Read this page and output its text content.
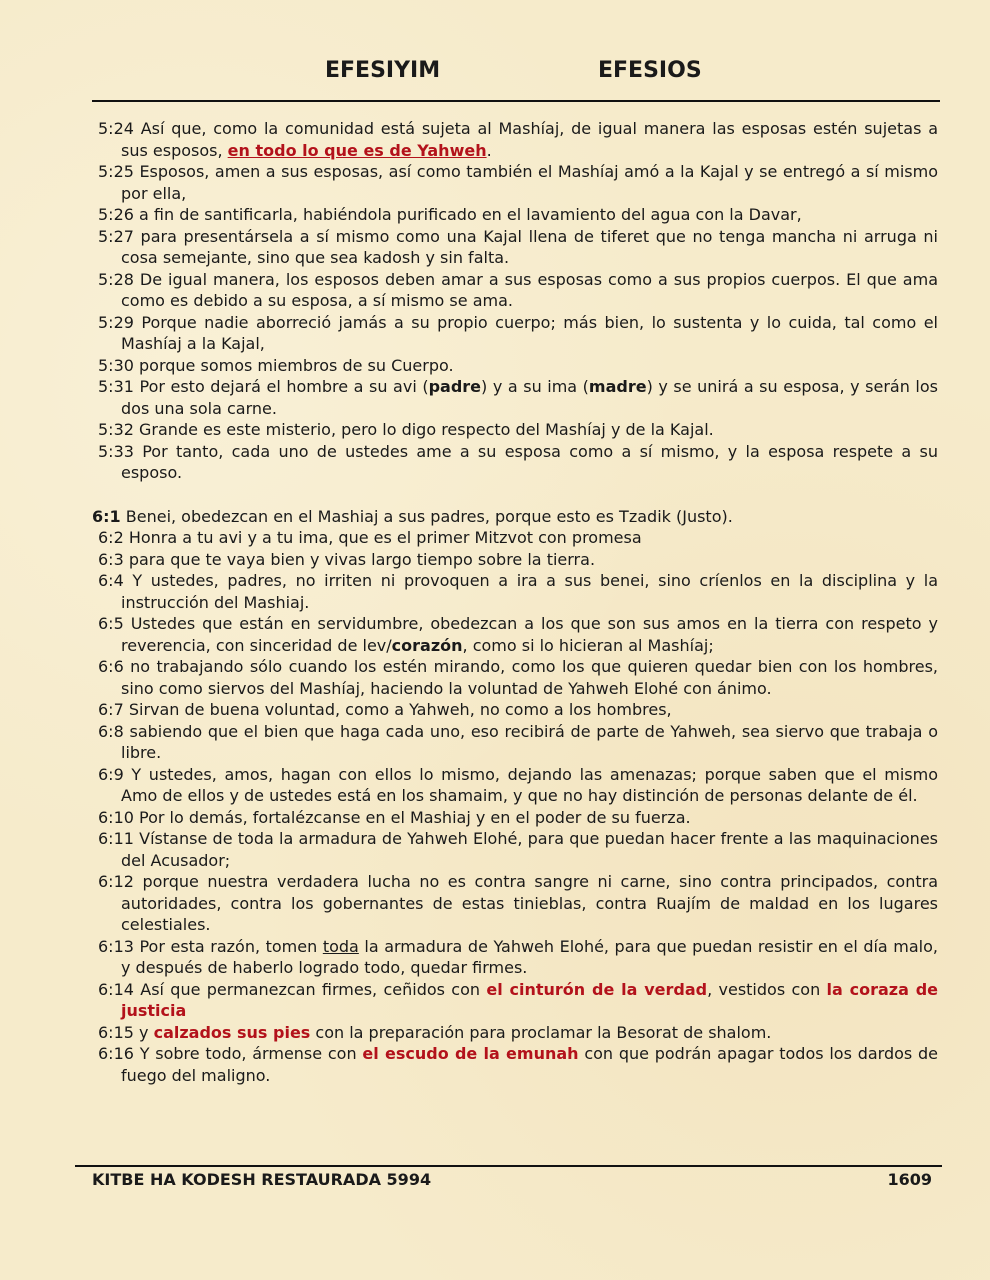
EFESIYIM	EFESIOS
5:24 Así que, como la comunidad está sujeta al Mashíaj, de igual manera las esposas estén sujetas a sus esposos, en todo lo que es de Yahweh.
5:25 Esposos, amen a sus esposas, así como también el Mashíaj amó a la Kajal y se entregó a sí mismo por ella,
5:26 a fin de santificarla, habiéndola purificado en el lavamiento del agua con la Davar,
5:27 para presentársela a sí mismo como una Kajal llena de tiferet que no tenga mancha ni arruga ni cosa semejante, sino que sea kadosh y sin falta.
5:28 De igual manera, los esposos deben amar a sus esposas como a sus propios cuerpos. El que ama como es debido a su esposa, a sí mismo se ama.
5:29 Porque nadie aborreció jamás a su propio cuerpo; más bien, lo sustenta y lo cuida, tal como el Mashíaj a la Kajal,
5:30 porque somos miembros de su Cuerpo.
5:31 Por esto dejará el hombre a su avi (padre) y a su ima (madre) y se unirá a su esposa, y serán los dos una sola carne.
5:32 Grande es este misterio, pero lo digo respecto del Mashíaj y de la Kajal.
5:33 Por tanto, cada uno de ustedes ame a su esposa como a sí mismo, y la esposa respete a su esposo.
6:1 Benei, obedezcan en el Mashiaj a sus padres, porque esto es Tzadik (Justo).
6:2 Honra a tu avi y a tu ima, que es el primer Mitzvot con promesa
6:3 para que te vaya bien y vivas largo tiempo sobre la tierra.
6:4 Y ustedes, padres, no irriten ni provoquen a ira a sus benei, sino críenlos en la disciplina y la instrucción del Mashiaj.
6:5 Ustedes que están en servidumbre, obedezcan a los que son sus amos en la tierra con respeto y reverencia, con sinceridad de lev/corazón, como si lo hicieran al Mashíaj;
6:6 no trabajando sólo cuando los estén mirando, como los que quieren quedar bien con los hombres, sino como siervos del Mashíaj, haciendo la voluntad de Yahweh Elohé con ánimo.
6:7 Sirvan de buena voluntad, como a Yahweh, no como a los hombres,
6:8 sabiendo que el bien que haga cada uno, eso recibirá de parte de Yahweh, sea siervo que trabaja o libre.
6:9 Y ustedes, amos, hagan con ellos lo mismo, dejando las amenazas; porque saben que el mismo Amo de ellos y de ustedes está en los shamaim, y que no hay distinción de personas delante de él.
6:10 Por lo demás, fortalézcanse en el Mashiaj y en el poder de su fuerza.
6:11 Vístanse de toda la armadura de Yahweh Elohé, para que puedan hacer frente a las maquinaciones del Acusador;
6:12 porque nuestra verdadera lucha no es contra sangre ni carne, sino contra principados, contra autoridades, contra los gobernantes de estas tinieblas, contra Ruajím de maldad en los lugares celestiales.
6:13 Por esta razón, tomen toda la armadura de Yahweh Elohé, para que puedan resistir en el día malo, y después de haberlo logrado todo, quedar firmes.
6:14 Así que permanezcan firmes, ceñidos con el cinturón de la verdad, vestidos con la coraza de justicia
6:15 y calzados sus pies con la preparación para proclamar la Besorat de shalom.
6:16 Y sobre todo, ármense con el escudo de la emunah con que podrán apagar todos los dardos de fuego del maligno.
KITBE HA KODESH RESTAURADA 5994	1609
